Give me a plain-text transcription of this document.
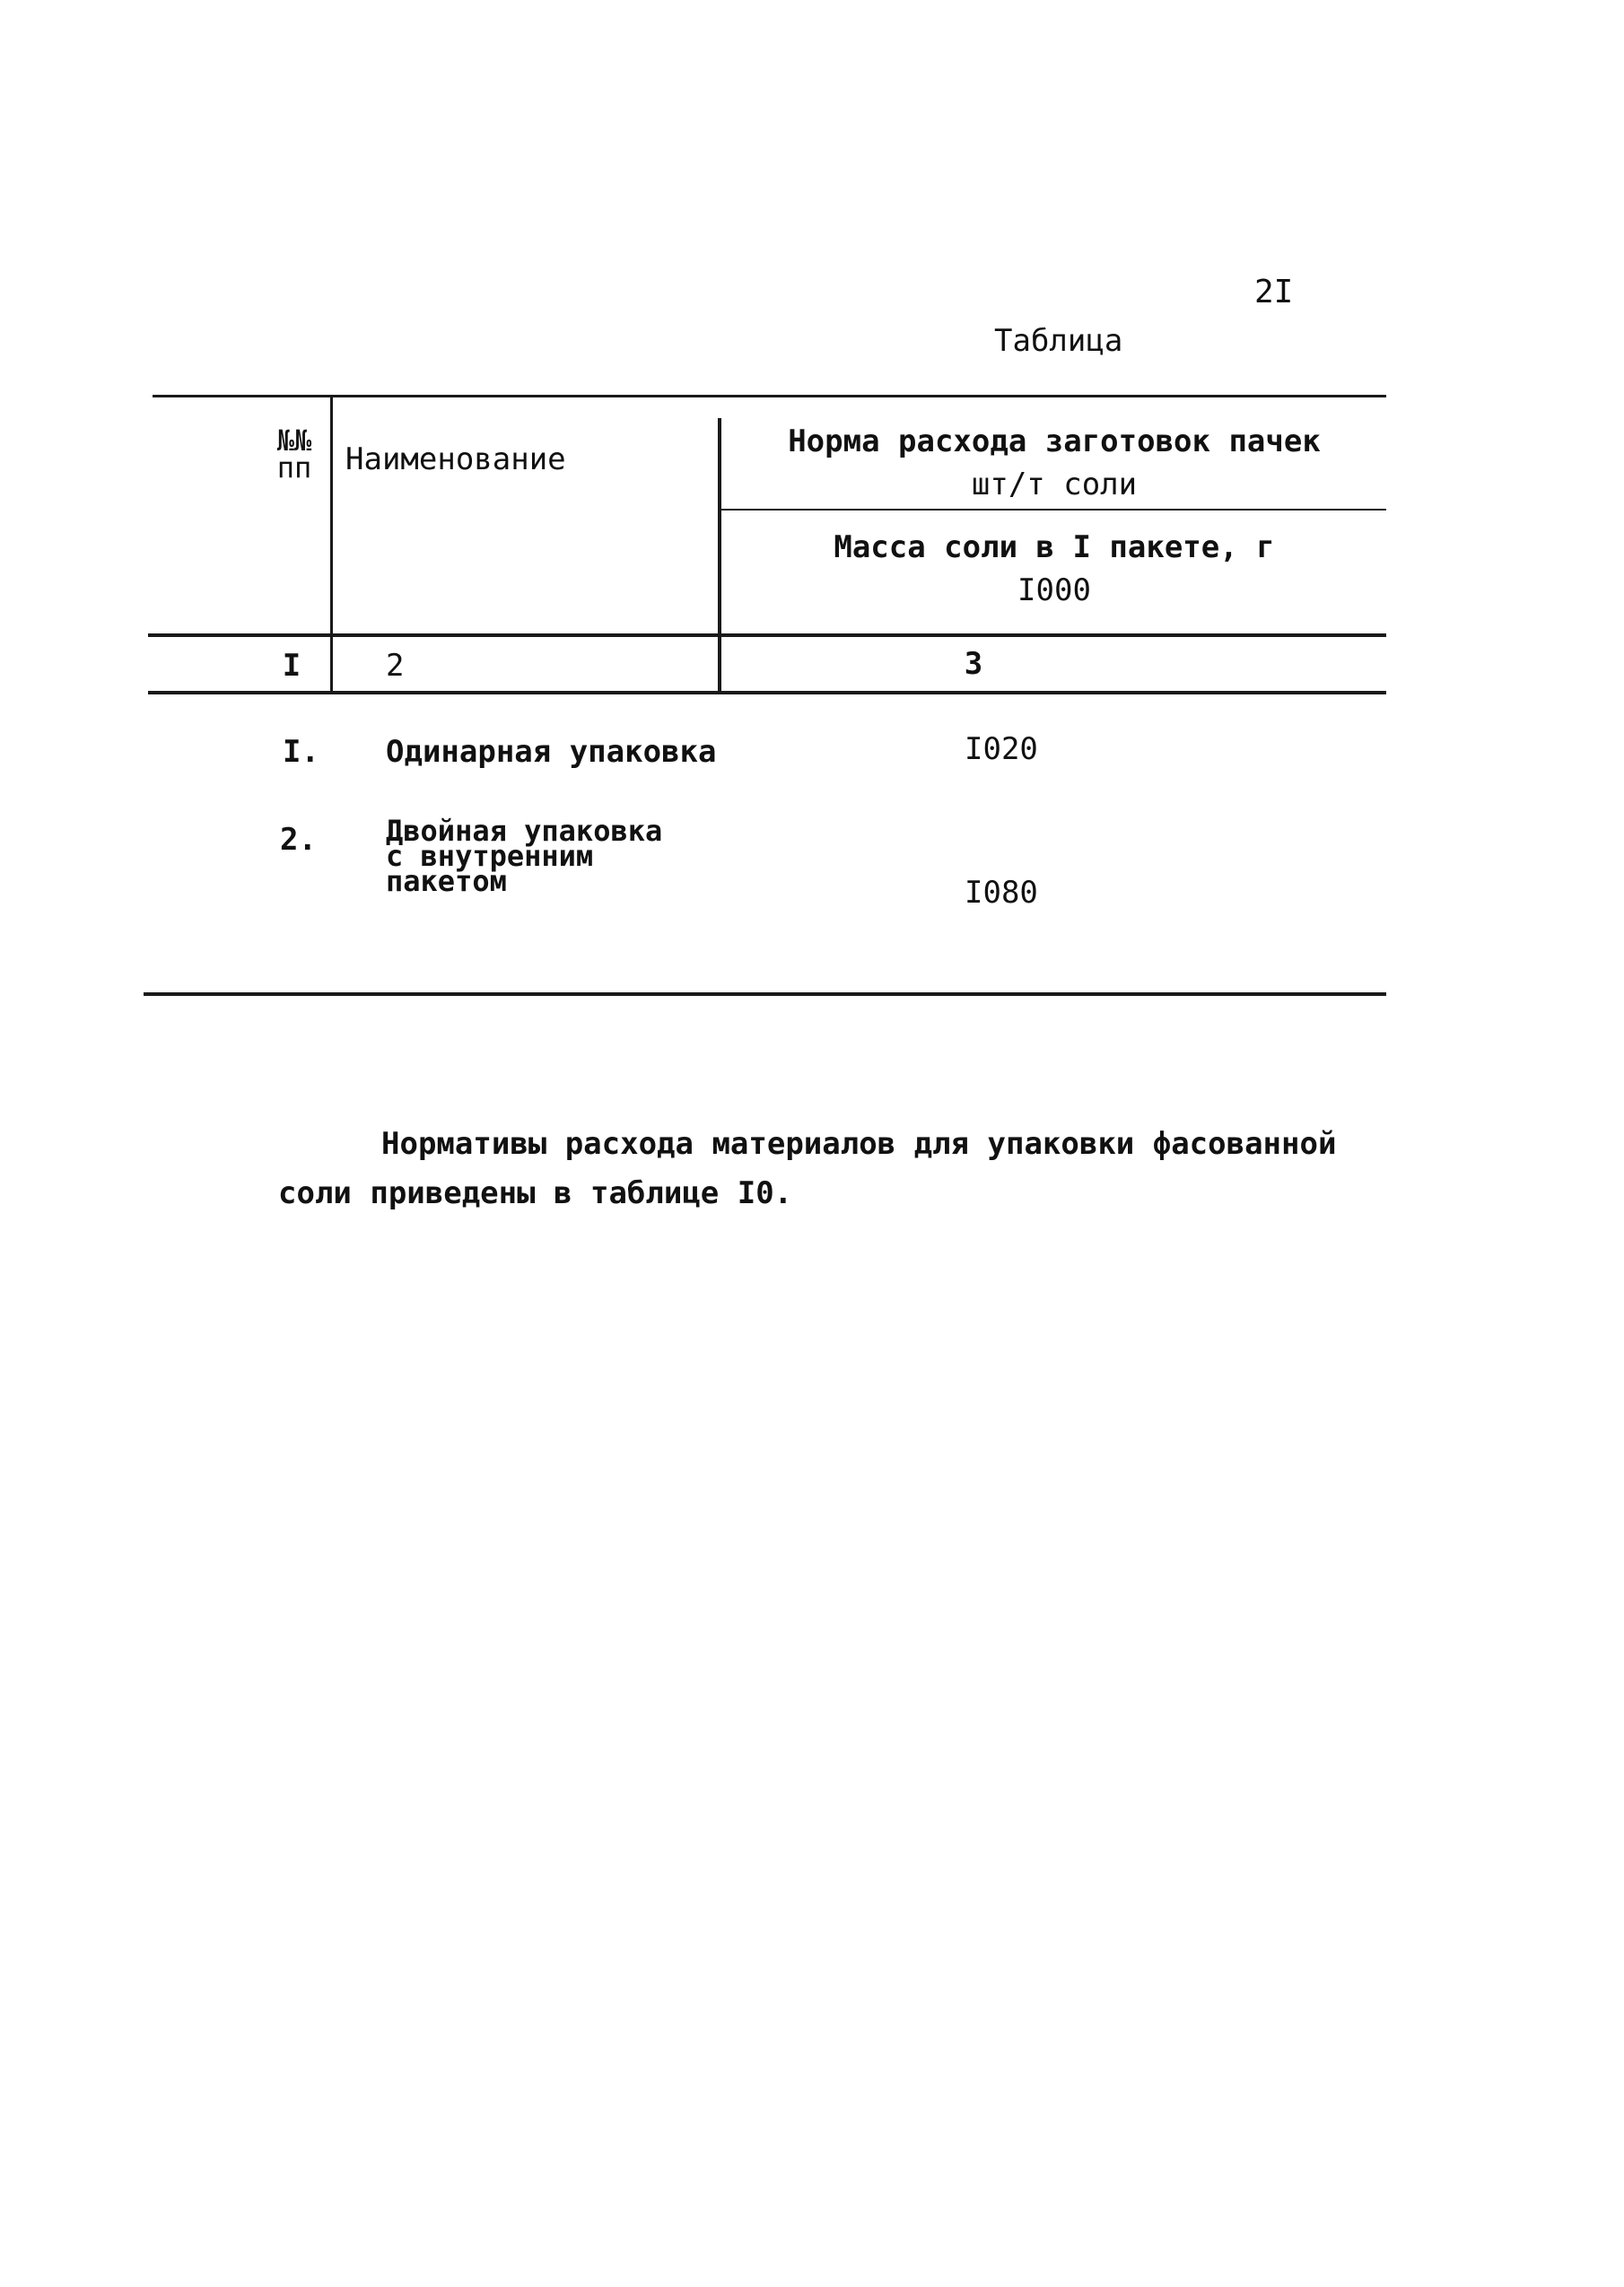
2I
Таблица
№№
пп	Наименование	Норма расхода заготовок пачек
шт/т соли
Масса соли в I пакете, г
I000
I	2	3
I. Одинарная упаковка	I020
2. Двойная упаковка
с внутренним
пакетом	I080
Нормативы расхода материалов для упаковки фасованной
соли приведены в таблице I0.
